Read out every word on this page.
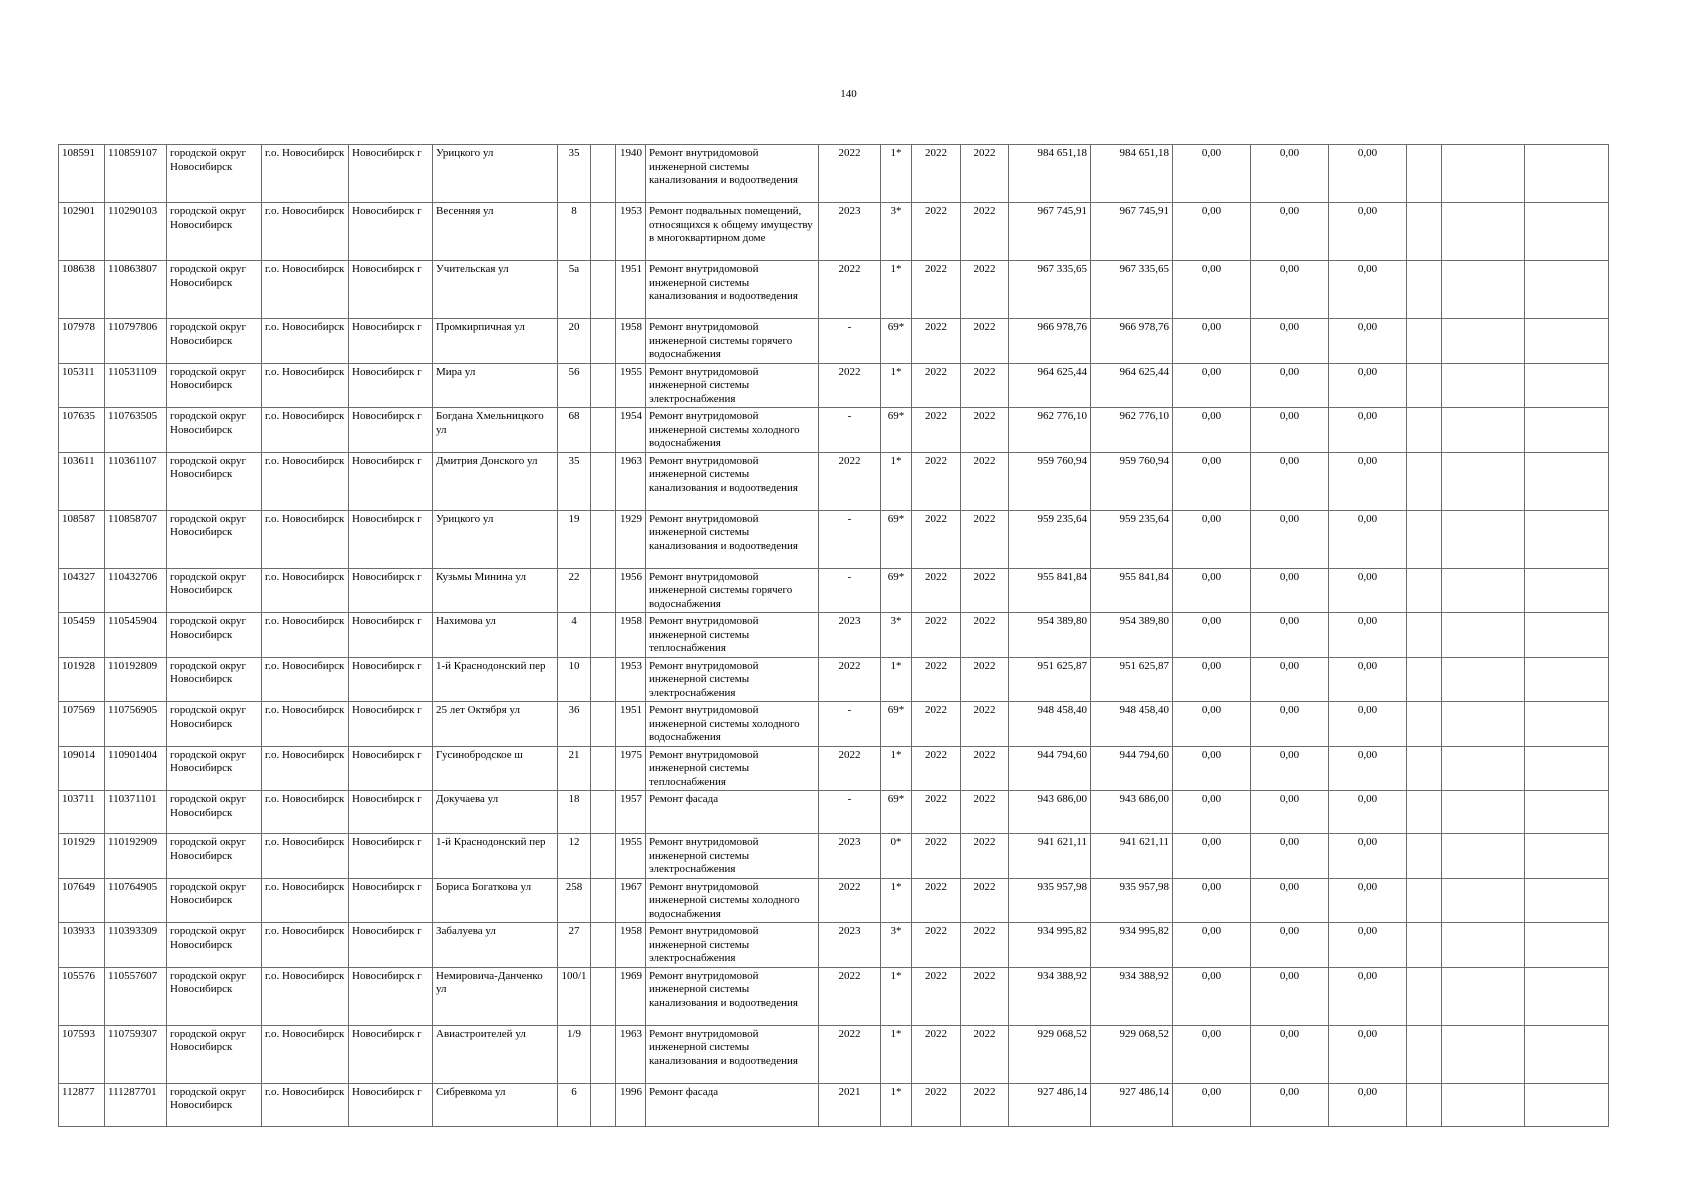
140
108591	110859107	городской округ Новосибирск	г.о. Новосибирск	Новосибирск г	Урицкого ул	35		1940	Ремонт внутридомовой инженерной системы канализования и водоотведения	2022	1*	2022	2022	984 651,18	984 651,18	0,00	0,00	0,00			
102901	110290103	городской округ Новосибирск	г.о. Новосибирск	Новосибирск г	Весенняя ул	8		1953	Ремонт подвальных помещений, относящихся к общему имуществу в многоквартирном доме	2023	3*	2022	2022	967 745,91	967 745,91	0,00	0,00	0,00			
108638	110863807	городской округ Новосибирск	г.о. Новосибирск	Новосибирск г	Учительская ул	5а		1951	Ремонт внутридомовой инженерной системы канализования и водоотведения	2022	1*	2022	2022	967 335,65	967 335,65	0,00	0,00	0,00			
107978	110797806	городской округ Новосибирск	г.о. Новосибирск	Новосибирск г	Промкирпичная ул	20		1958	Ремонт внутридомовой инженерной системы горячего водоснабжения	-	69*	2022	2022	966 978,76	966 978,76	0,00	0,00	0,00			
105311	110531109	городской округ Новосибирск	г.о. Новосибирск	Новосибирск г	Мира ул	56		1955	Ремонт внутридомовой инженерной системы электроснабжения	2022	1*	2022	2022	964 625,44	964 625,44	0,00	0,00	0,00			
107635	110763505	городской округ Новосибирск	г.о. Новосибирск	Новосибирск г	Богдана Хмельницкого ул	68		1954	Ремонт внутридомовой инженерной системы холодного водоснабжения	-	69*	2022	2022	962 776,10	962 776,10	0,00	0,00	0,00			
103611	110361107	городской округ Новосибирск	г.о. Новосибирск	Новосибирск г	Дмитрия Донского ул	35		1963	Ремонт внутридомовой инженерной системы канализования и водоотведения	2022	1*	2022	2022	959 760,94	959 760,94	0,00	0,00	0,00			
108587	110858707	городской округ Новосибирск	г.о. Новосибирск	Новосибирск г	Урицкого ул	19		1929	Ремонт внутридомовой инженерной системы канализования и водоотведения	-	69*	2022	2022	959 235,64	959 235,64	0,00	0,00	0,00			
104327	110432706	городской округ Новосибирск	г.о. Новосибирск	Новосибирск г	Кузьмы Минина ул	22		1956	Ремонт внутридомовой инженерной системы горячего водоснабжения	-	69*	2022	2022	955 841,84	955 841,84	0,00	0,00	0,00			
105459	110545904	городской округ Новосибирск	г.о. Новосибирск	Новосибирск г	Нахимова ул	4		1958	Ремонт внутридомовой инженерной системы теплоснабжения	2023	3*	2022	2022	954 389,80	954 389,80	0,00	0,00	0,00			
101928	110192809	городской округ Новосибирск	г.о. Новосибирск	Новосибирск г	1-й Краснодонский пер	10		1953	Ремонт внутридомовой инженерной системы электроснабжения	2022	1*	2022	2022	951 625,87	951 625,87	0,00	0,00	0,00			
107569	110756905	городской округ Новосибирск	г.о. Новосибирск	Новосибирск г	25 лет Октября ул	36		1951	Ремонт внутридомовой инженерной системы холодного водоснабжения	-	69*	2022	2022	948 458,40	948 458,40	0,00	0,00	0,00			
109014	110901404	городской округ Новосибирск	г.о. Новосибирск	Новосибирск г	Гусинобродское ш	21		1975	Ремонт внутридомовой инженерной системы теплоснабжения	2022	1*	2022	2022	944 794,60	944 794,60	0,00	0,00	0,00			
103711	110371101	городской округ Новосибирск	г.о. Новосибирск	Новосибирск г	Докучаева ул	18		1957	Ремонт фасада	-	69*	2022	2022	943 686,00	943 686,00	0,00	0,00	0,00			
101929	110192909	городской округ Новосибирск	г.о. Новосибирск	Новосибирск г	1-й Краснодонский пер	12		1955	Ремонт внутридомовой инженерной системы электроснабжения	2023	0*	2022	2022	941 621,11	941 621,11	0,00	0,00	0,00			
107649	110764905	городской округ Новосибирск	г.о. Новосибирск	Новосибирск г	Бориса Богаткова ул	258		1967	Ремонт внутридомовой инженерной системы холодного водоснабжения	2022	1*	2022	2022	935 957,98	935 957,98	0,00	0,00	0,00			
103933	110393309	городской округ Новосибирск	г.о. Новосибирск	Новосибирск г	Забалуева ул	27		1958	Ремонт внутридомовой инженерной системы электроснабжения	2023	3*	2022	2022	934 995,82	934 995,82	0,00	0,00	0,00			
105576	110557607	городской округ Новосибирск	г.о. Новосибирск	Новосибирск г	Немировича-Данченко ул	100/1		1969	Ремонт внутридомовой инженерной системы канализования и водоотведения	2022	1*	2022	2022	934 388,92	934 388,92	0,00	0,00	0,00			
107593	110759307	городской округ Новосибирск	г.о. Новосибирск	Новосибирск г	Авиастроителей ул	1/9		1963	Ремонт внутридомовой инженерной системы канализования и водоотведения	2022	1*	2022	2022	929 068,52	929 068,52	0,00	0,00	0,00			
112877	111287701	городской округ Новосибирск	г.о. Новосибирск	Новосибирск г	Сибревкома ул	6		1996	Ремонт фасада	2021	1*	2022	2022	927 486,14	927 486,14	0,00	0,00	0,00			
